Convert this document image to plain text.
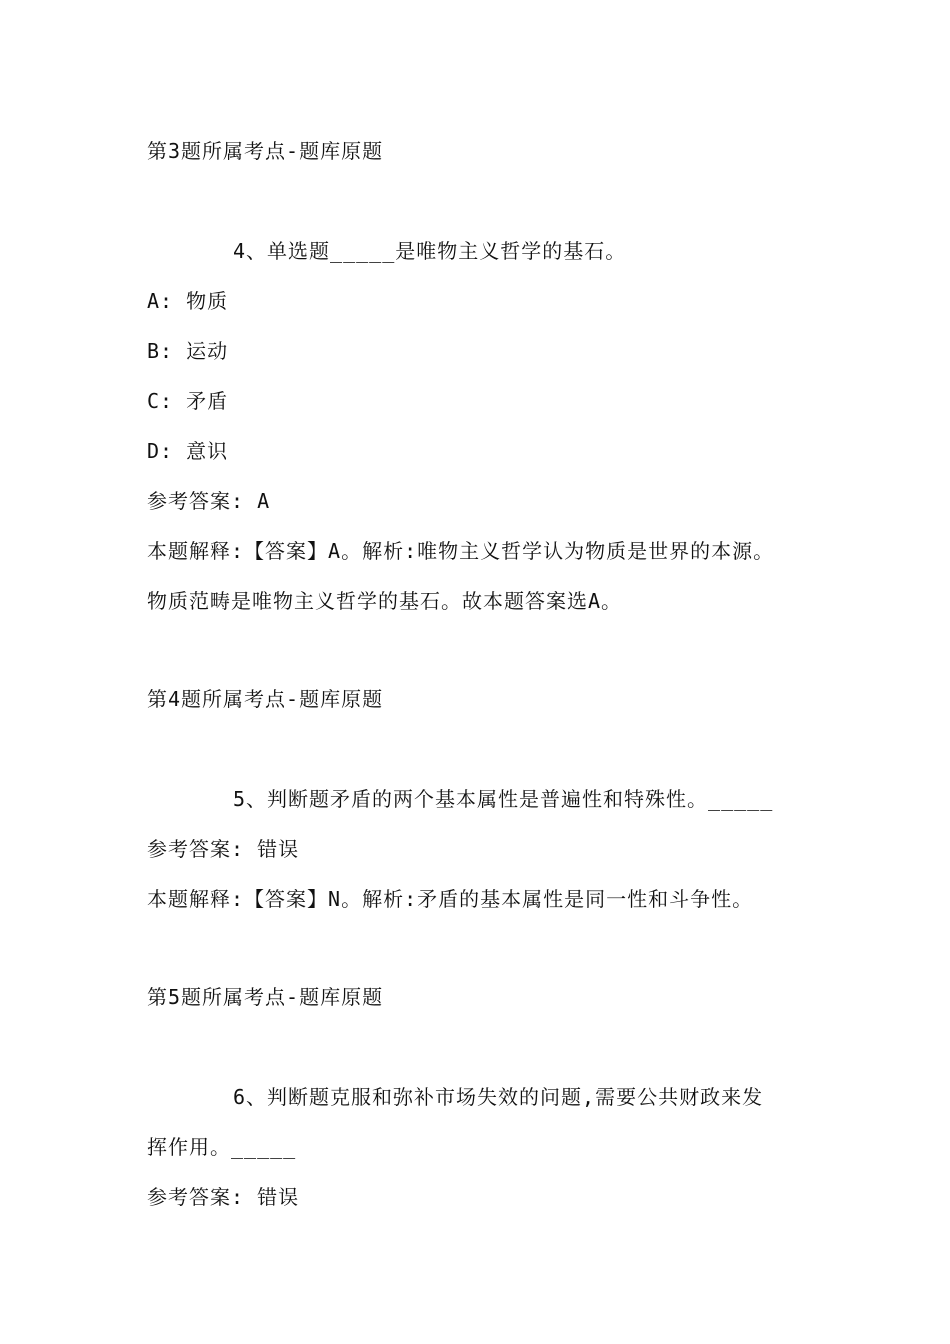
第3题所属考点-题库原题
4、单选题_____是唯物主义哲学的基石。
A: 物质
B: 运动
C: 矛盾
D: 意识
参考答案: A
本题解释:【答案】A。解析:唯物主义哲学认为物质是世界的本源。
物质范畴是唯物主义哲学的基石。故本题答案选A。
第4题所属考点-题库原题
5、判断题矛盾的两个基本属性是普遍性和特殊性。_____
参考答案: 错误
本题解释:【答案】N。解析:矛盾的基本属性是同一性和斗争性。
第5题所属考点-题库原题
6、判断题克服和弥补市场失效的问题,需要公共财政来发
挥作用。_____
参考答案: 错误
